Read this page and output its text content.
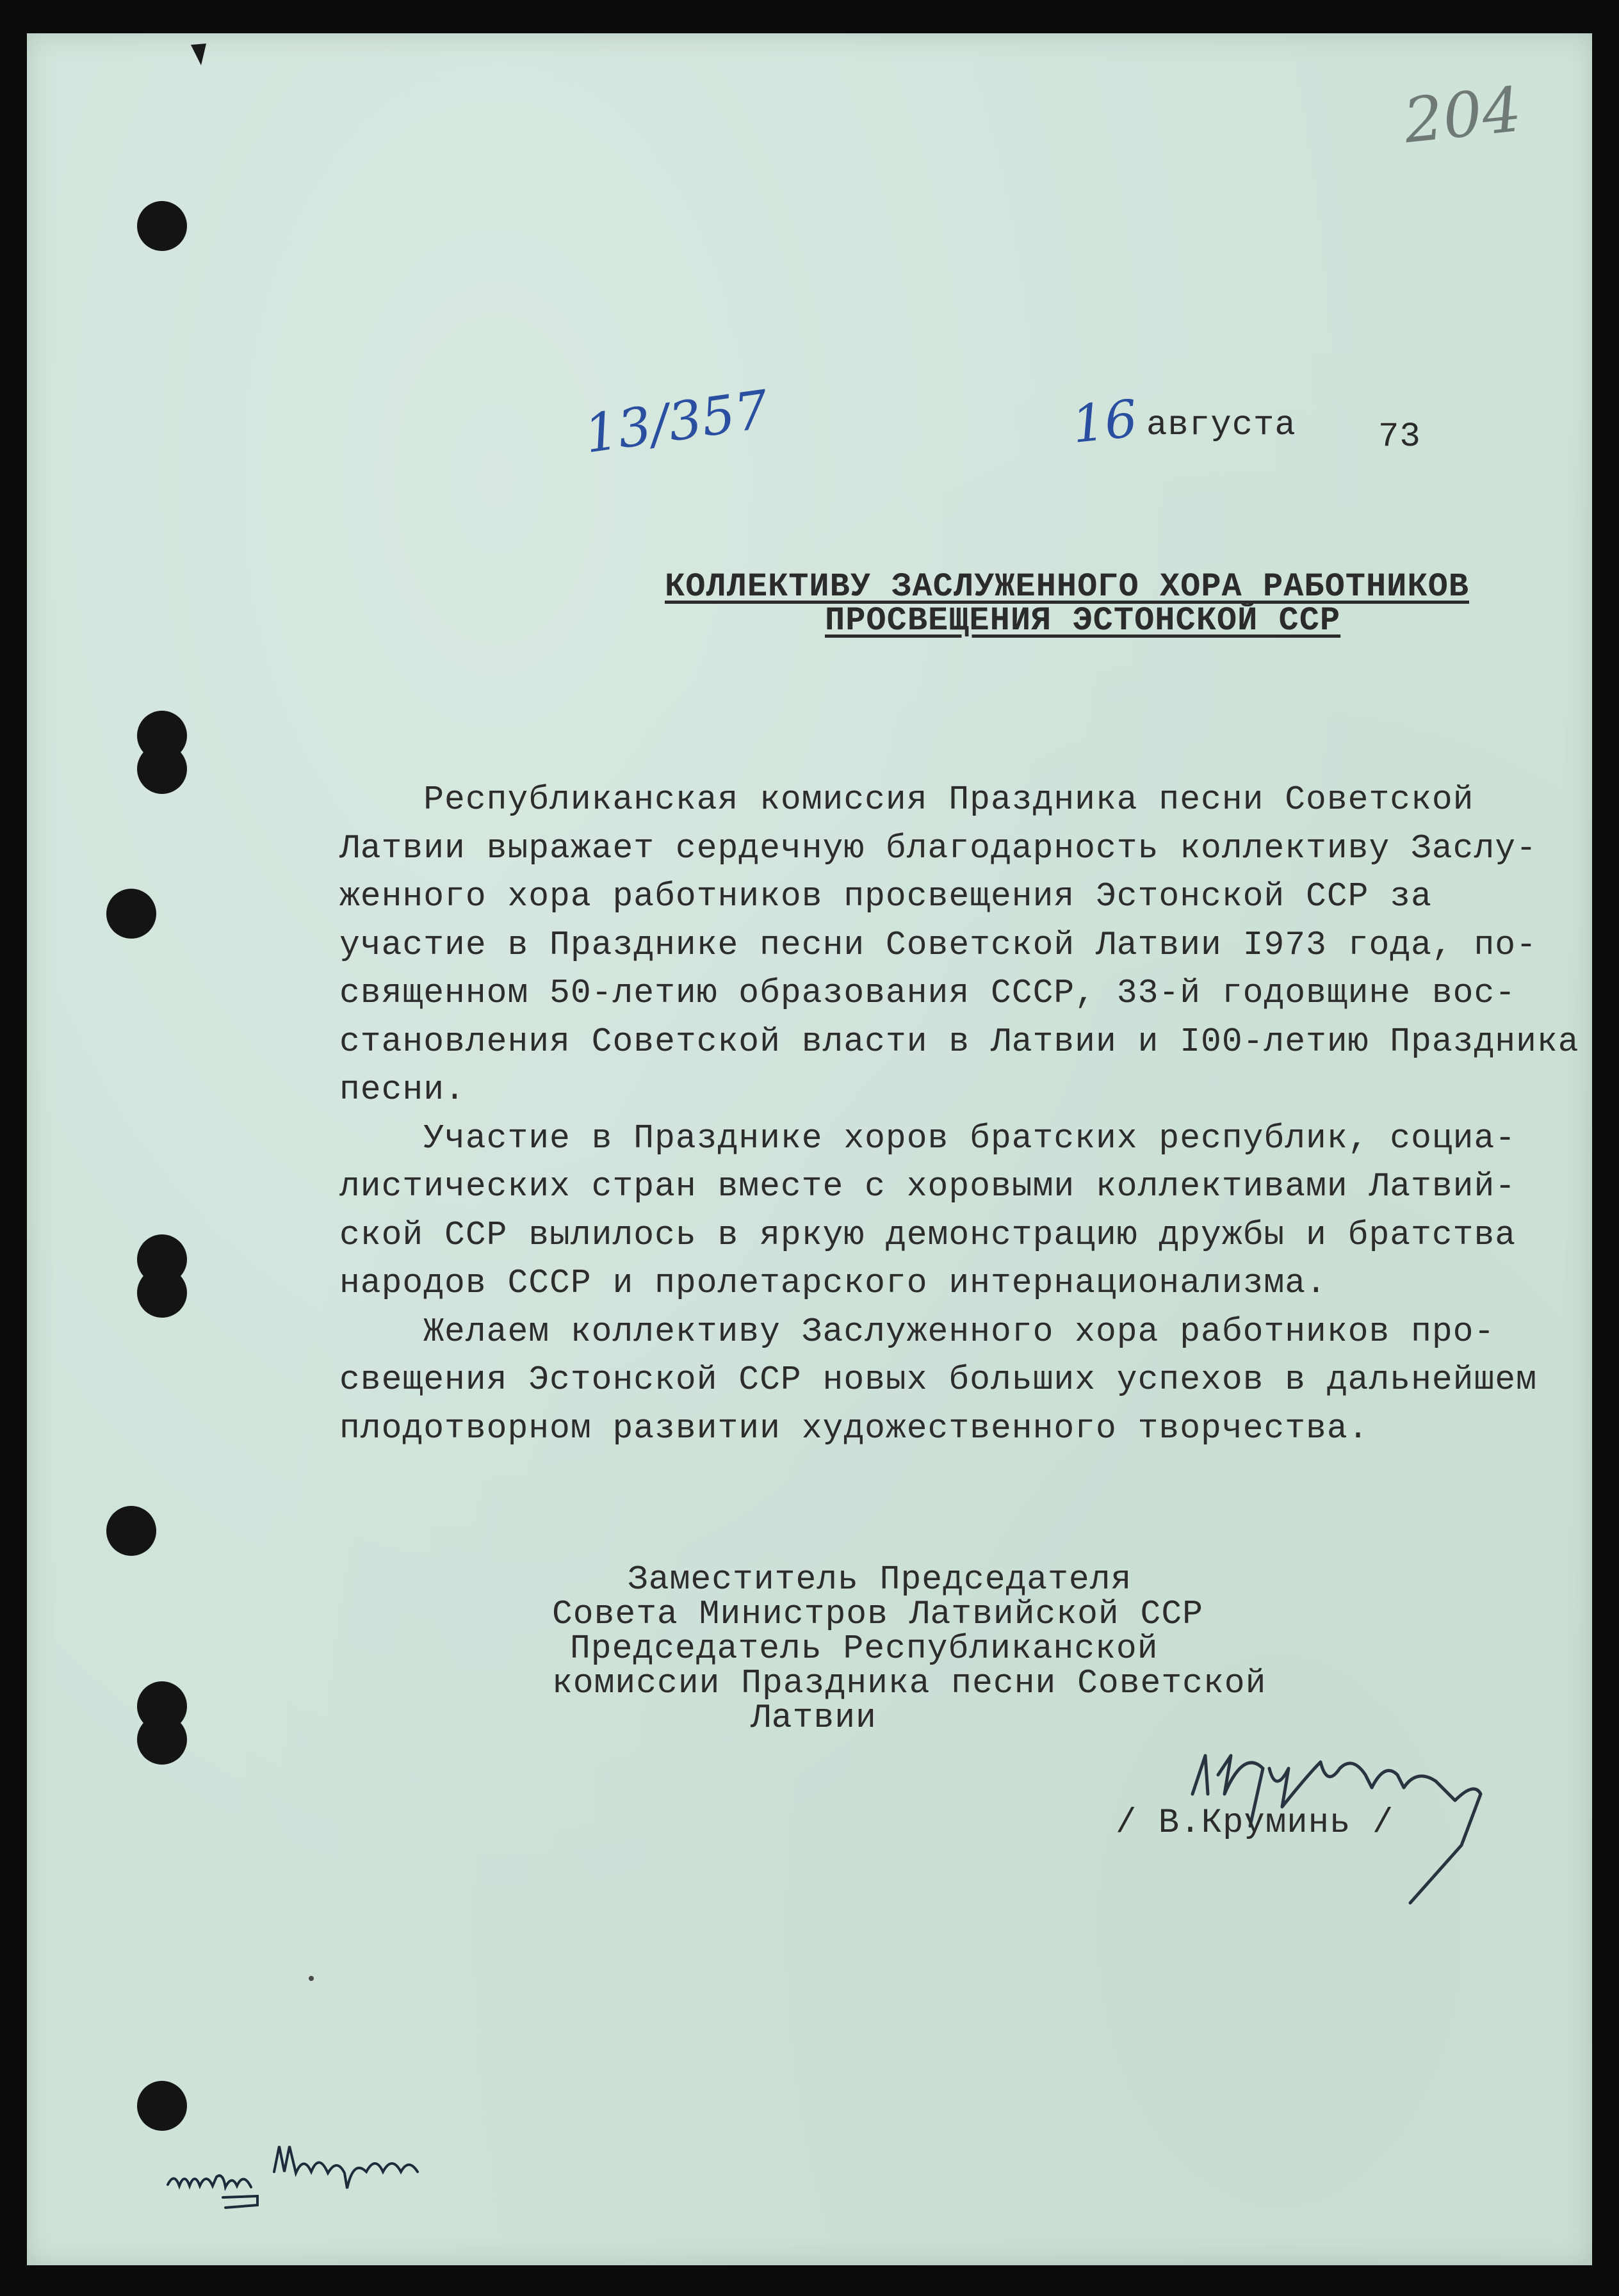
204
13/357	16 августа 73
КОЛЛЕКТИВУ ЗАСЛУЖЕННОГО ХОРА РАБОТНИКОВ
ПРОСВЕЩЕНИЯ ЭСТОНСКОЙ ССР
Республиканская комиссия Праздника песни Советской
Латвии выражает сердечную благодарность коллективу Заслу-
женного хора работников просвещения Эстонской ССР за
участие в Празднике песни Советской Латвии I973 года, по-
священном 50-летию образования СССР, 33-й годовщине вос-
становления Советской власти в Латвии и I00-летию Праздника
песни.
Участие в Празднике хоров братских республик, социа-
листических стран вместе с хоровыми коллективами Латвий-
ской ССР вылилось в яркую демонстрацию дружбы и братства
народов СССР и пролетарского интернационализма.
Желаем коллективу Заслуженного хора работников про-
свещения Эстонской ССР новых больших успехов в дальнейшем
плодотворном развитии художественного творчества.
Заместитель Председателя
Совета Министров Латвийской ССР
Председатель Республиканской
комиссии Праздника песни Советской
Латвии
/ В.Круминь /
